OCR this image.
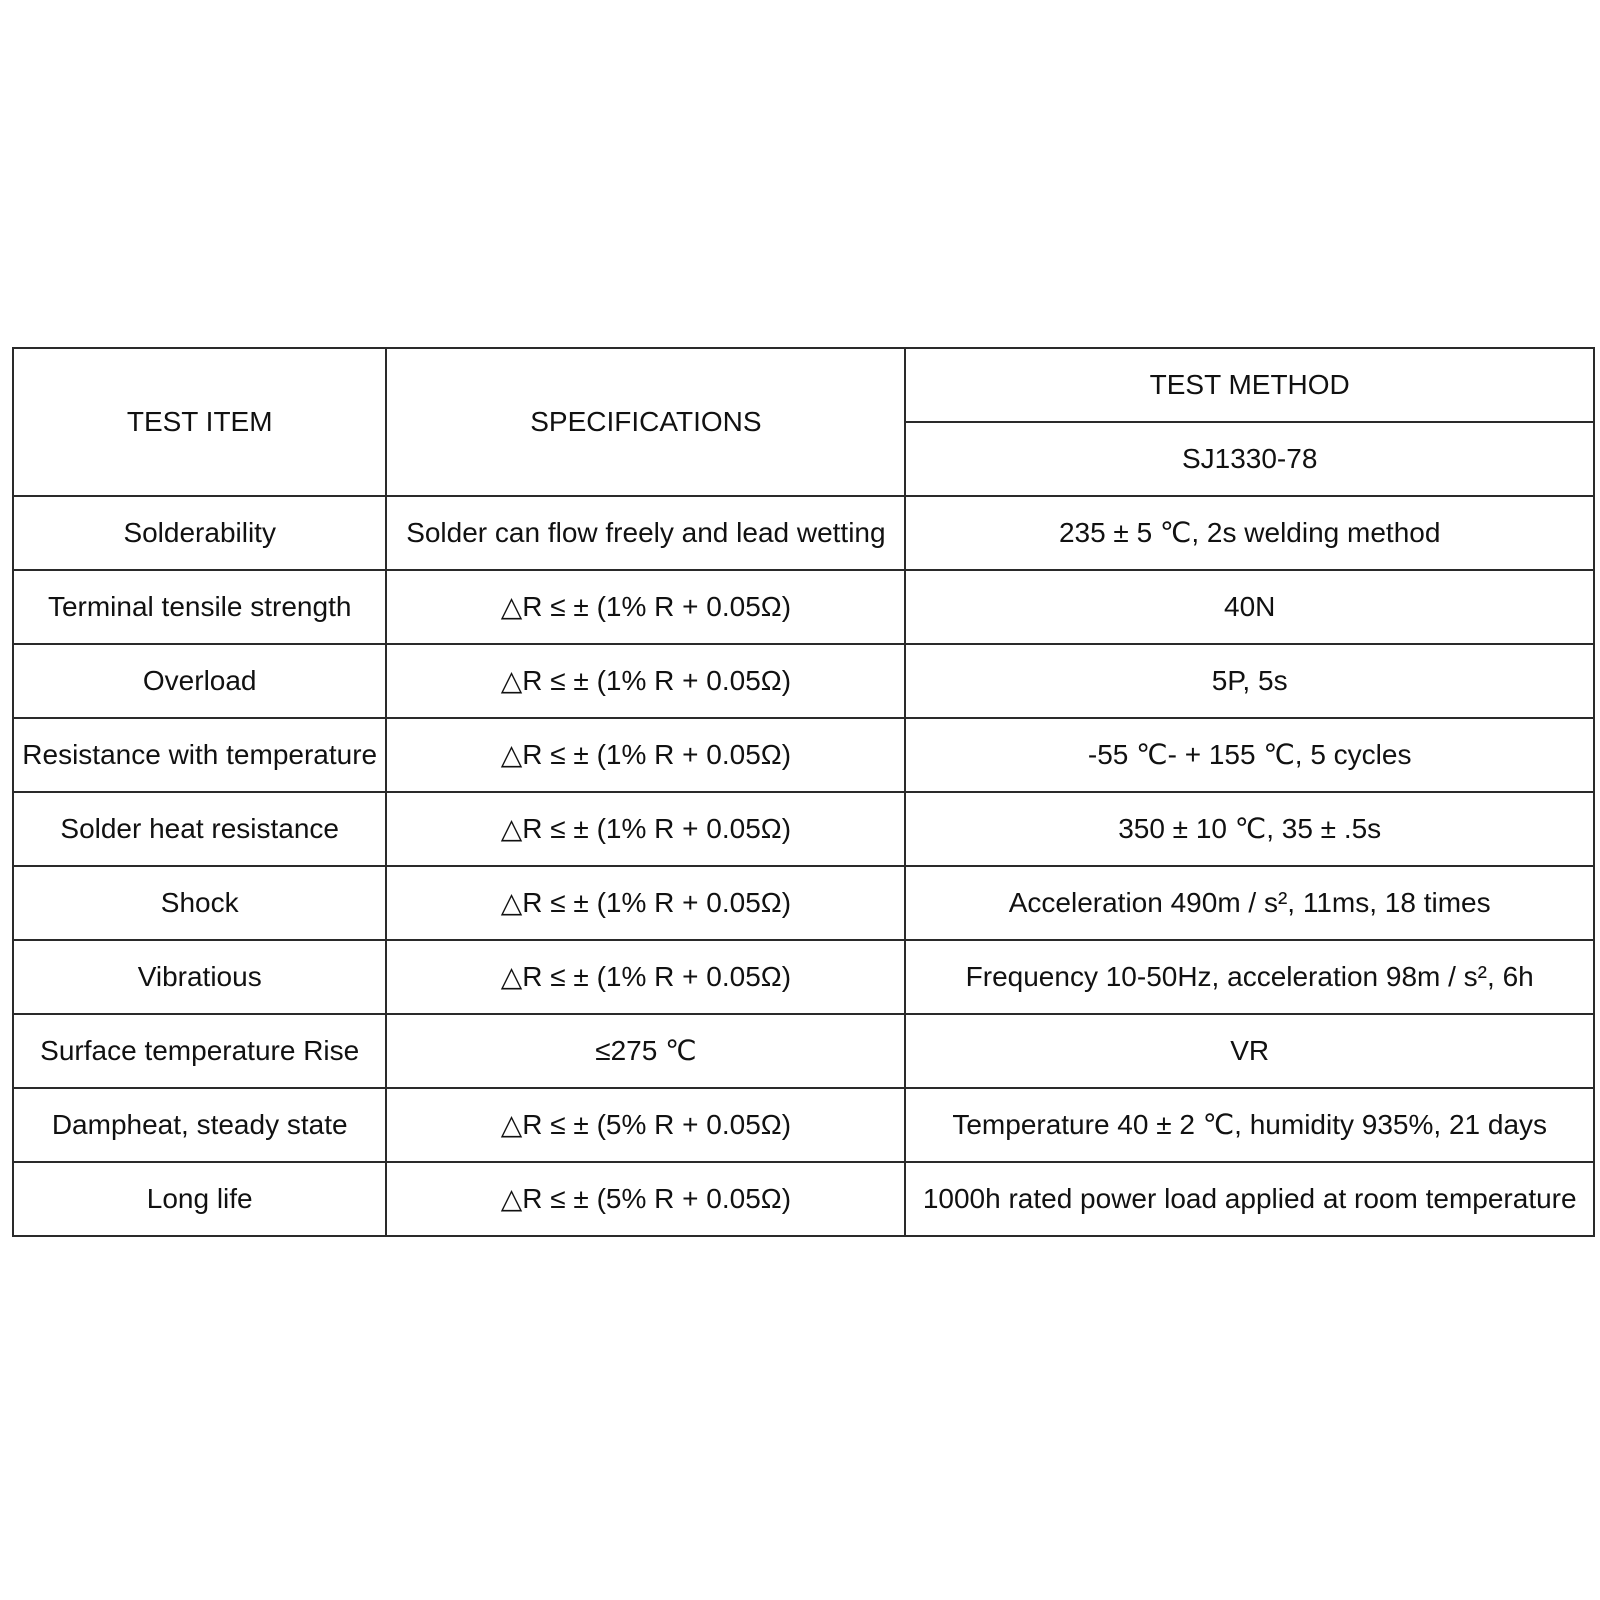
TEST ITEM	SPECIFICATIONS	TEST METHOD
		SJ1330-78
Solderability	Solder can flow freely and lead wetting	235 ± 5 ℃, 2s welding method
Terminal tensile strength	△R ≤ ± (1% R + 0.05Ω)	40N
Overload	△R ≤ ± (1% R + 0.05Ω)	5P, 5s
Resistance with temperature	△R ≤ ± (1% R + 0.05Ω)	-55 ℃- + 155 ℃, 5 cycles
Solder heat resistance	△R ≤ ± (1% R + 0.05Ω)	350 ± 10 ℃, 35 ± .5s
Shock	△R ≤ ± (1% R + 0.05Ω)	Acceleration 490m / s², 11ms, 18 times
Vibratious	△R ≤ ± (1% R + 0.05Ω)	Frequency 10-50Hz, acceleration 98m / s², 6h
Surface temperature Rise	≤275 ℃	VR
Dampheat, steady state	△R ≤ ± (5% R + 0.05Ω)	Temperature 40 ± 2 ℃, humidity 935%, 21 days
Long life	△R ≤ ± (5% R + 0.05Ω)	1000h rated power load applied at room temperature
